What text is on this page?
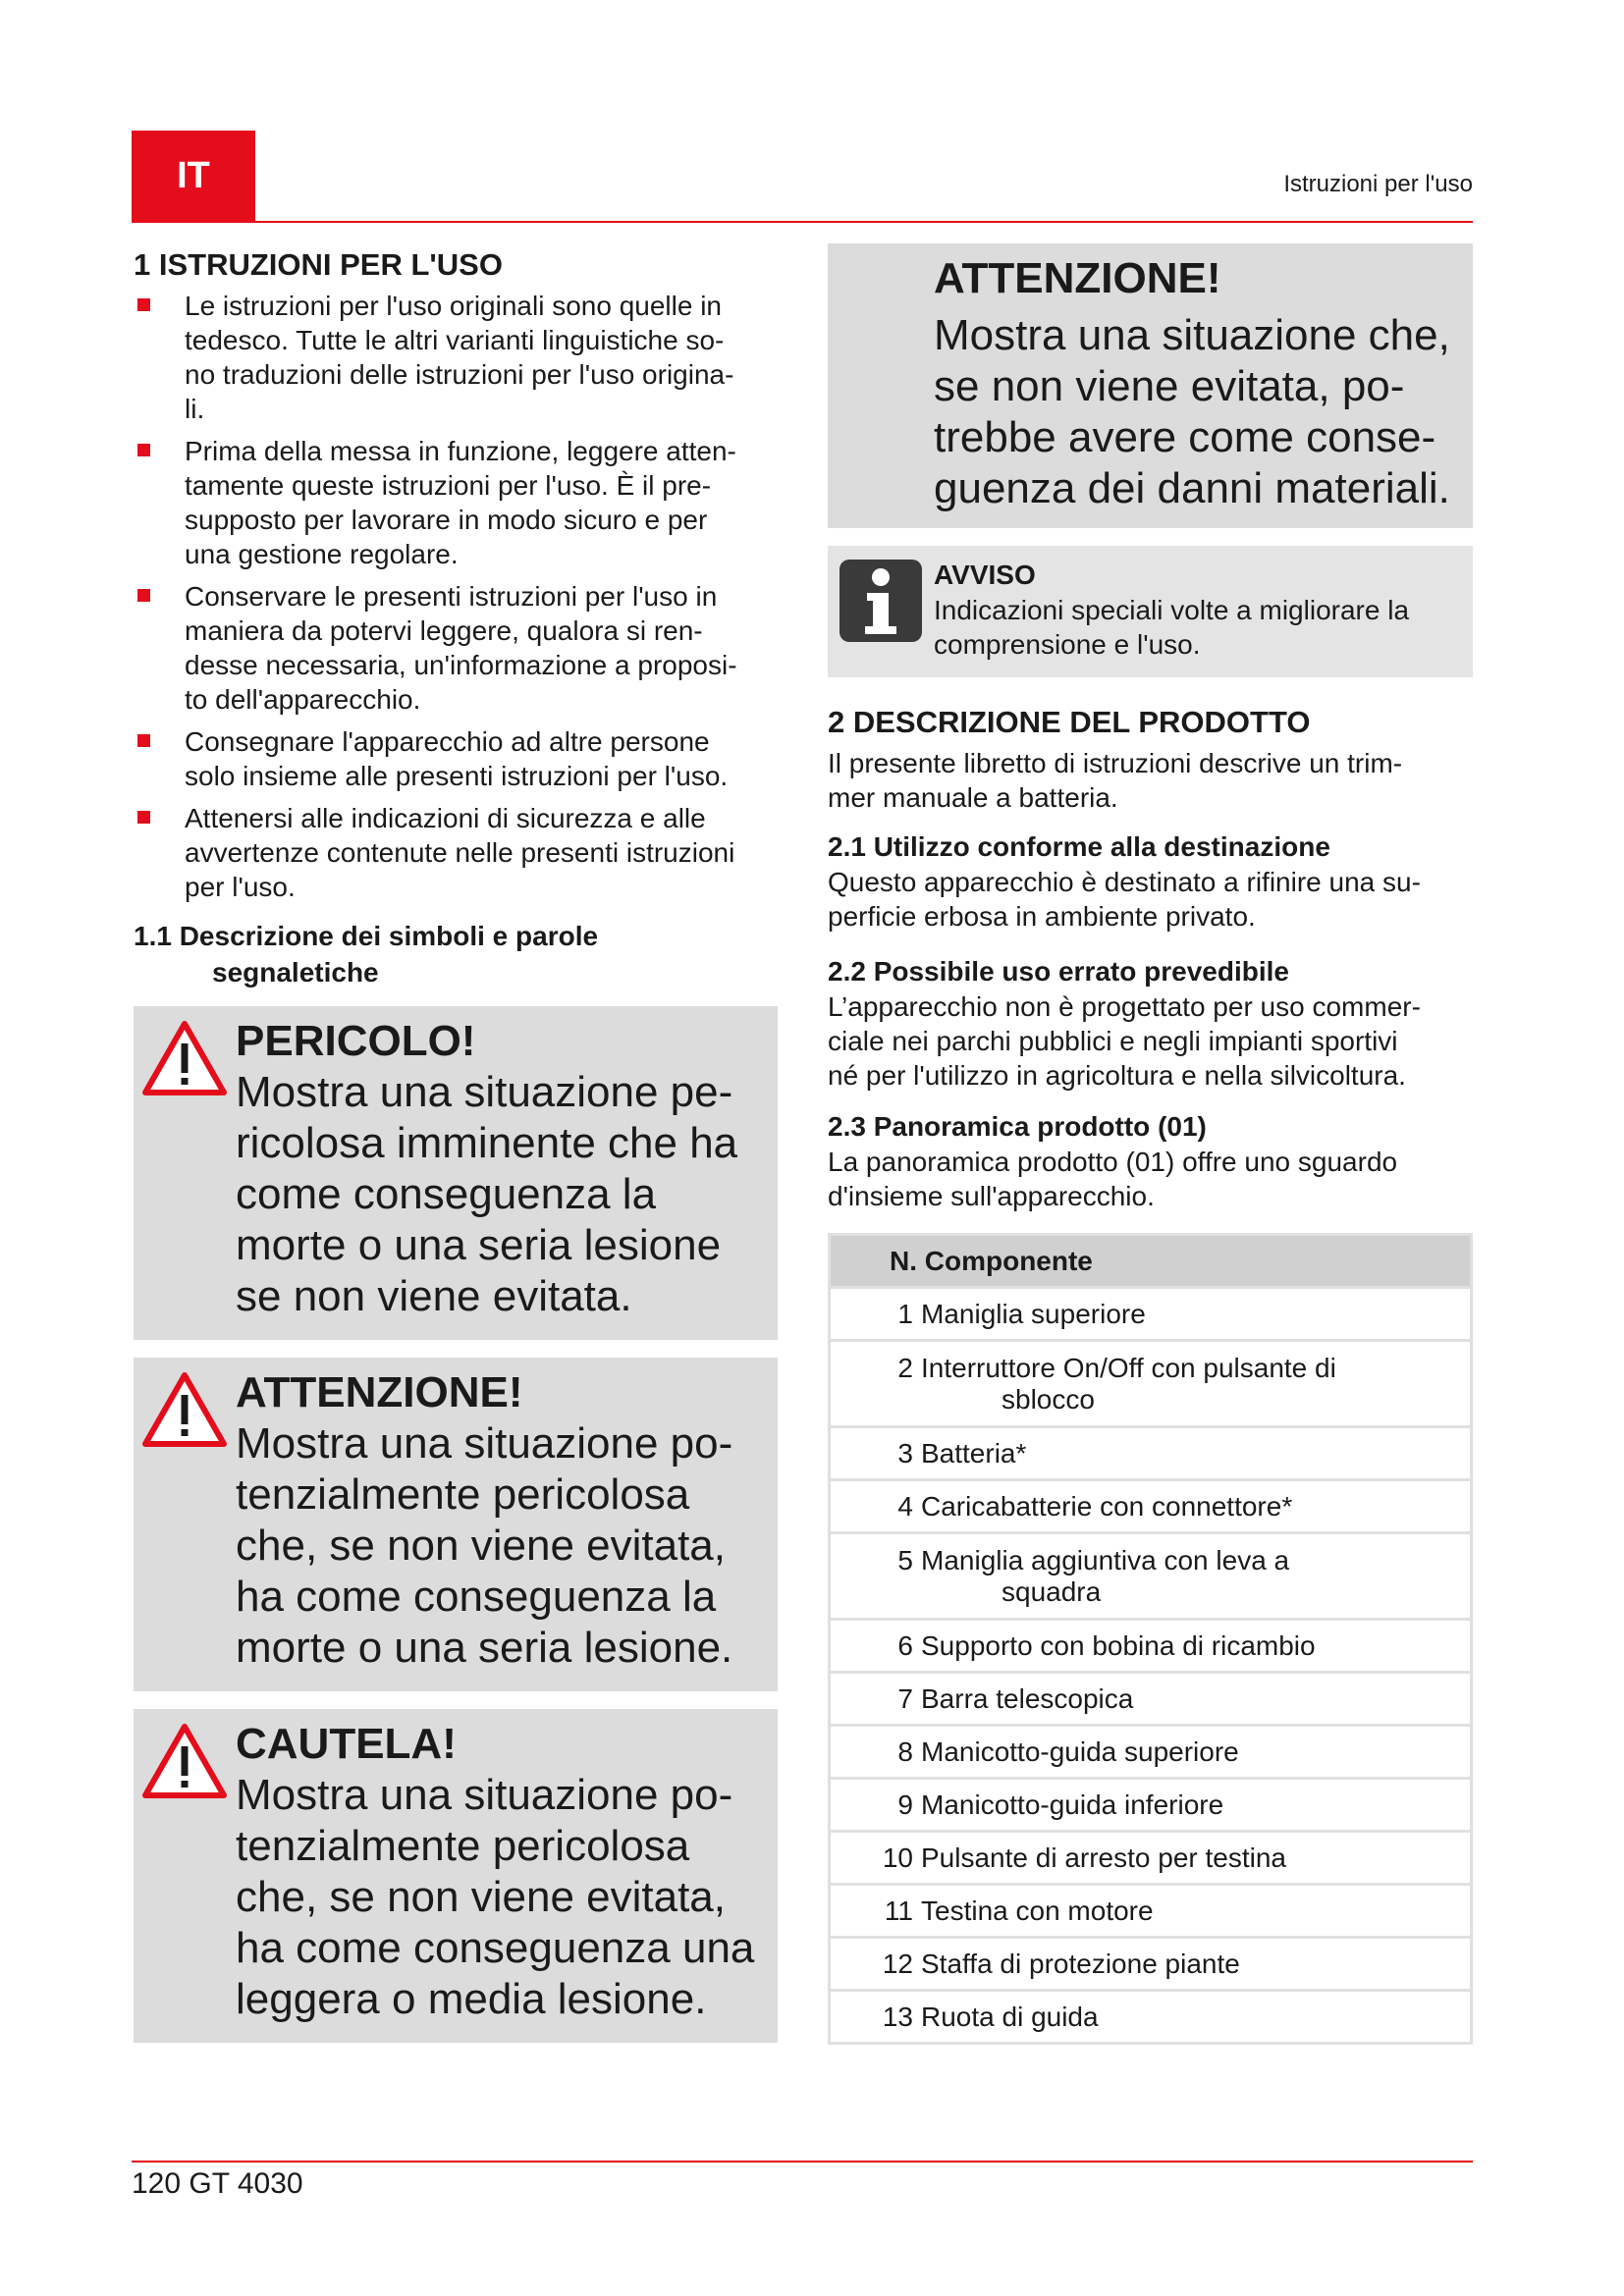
IT	Istruzioni per l'uso
1 ISTRUZIONI PER L'USO
Le istruzioni per l'uso originali sono quelle in
tedesco. Tutte le altri varianti linguistiche so-
no traduzioni delle istruzioni per l'uso origina-
li.
Prima della messa in funzione, leggere atten-
tamente queste istruzioni per l'uso. È il pre-
supposto per lavorare in modo sicuro e per
una gestione regolare.
Conservare le presenti istruzioni per l'uso in
maniera da potervi leggere, qualora si ren-
desse necessaria, un'informazione a proposi-
to dell'apparecchio.
Consegnare l'apparecchio ad altre persone
solo insieme alle presenti istruzioni per l'uso.
Attenersi alle indicazioni di sicurezza e alle
avvertenze contenute nelle presenti istruzioni
per l'uso.
1.1 Descrizione dei simboli e parole
segnaletiche
PERICOLO!
Mostra una situazione pe-
ricolosa imminente che ha
come conseguenza la
morte o una seria lesione
se non viene evitata.
ATTENZIONE!
Mostra una situazione po-
tenzialmente pericolosa
che, se non viene evitata,
ha come conseguenza la
morte o una seria lesione.
CAUTELA!
Mostra una situazione po-
tenzialmente pericolosa
che, se non viene evitata,
ha come conseguenza una
leggera o media lesione.
ATTENZIONE!
Mostra una situazione che,
se non viene evitata, po-
trebbe avere come conse-
guenza dei danni materiali.
AVVISO
Indicazioni speciali volte a migliorare la
comprensione e l'uso.
2 DESCRIZIONE DEL PRODOTTO
Il presente libretto di istruzioni descrive un trim-
mer manuale a batteria.
2.1 Utilizzo conforme alla destinazione
Questo apparecchio è destinato a rifinire una su-
perficie erbosa in ambiente privato.
2.2 Possibile uso errato prevedibile
L’apparecchio non è progettato per uso commer-
ciale nei parchi pubblici e negli impianti sportivi
né per l'utilizzo in agricoltura e nella silvicoltura.
2.3 Panoramica prodotto (01)
La panoramica prodotto (01) offre uno sguardo
d'insieme sull'apparecchio.
N. Componente
1 Maniglia superiore
2 Interruttore On/Off con pulsante di
sblocco

3 Batteria*
4 Caricabatterie con connettore*
5 Maniglia aggiuntiva con leva a
squadra

6 Supporto con bobina di ricambio
7 Barra telescopica
8 Manicotto-guida superiore
9 Manicotto-guida inferiore
10 Pulsante di arresto per testina
11 Testina con motore
12 Staffa di protezione piante
13 Ruota di guida
120 GT 4030
